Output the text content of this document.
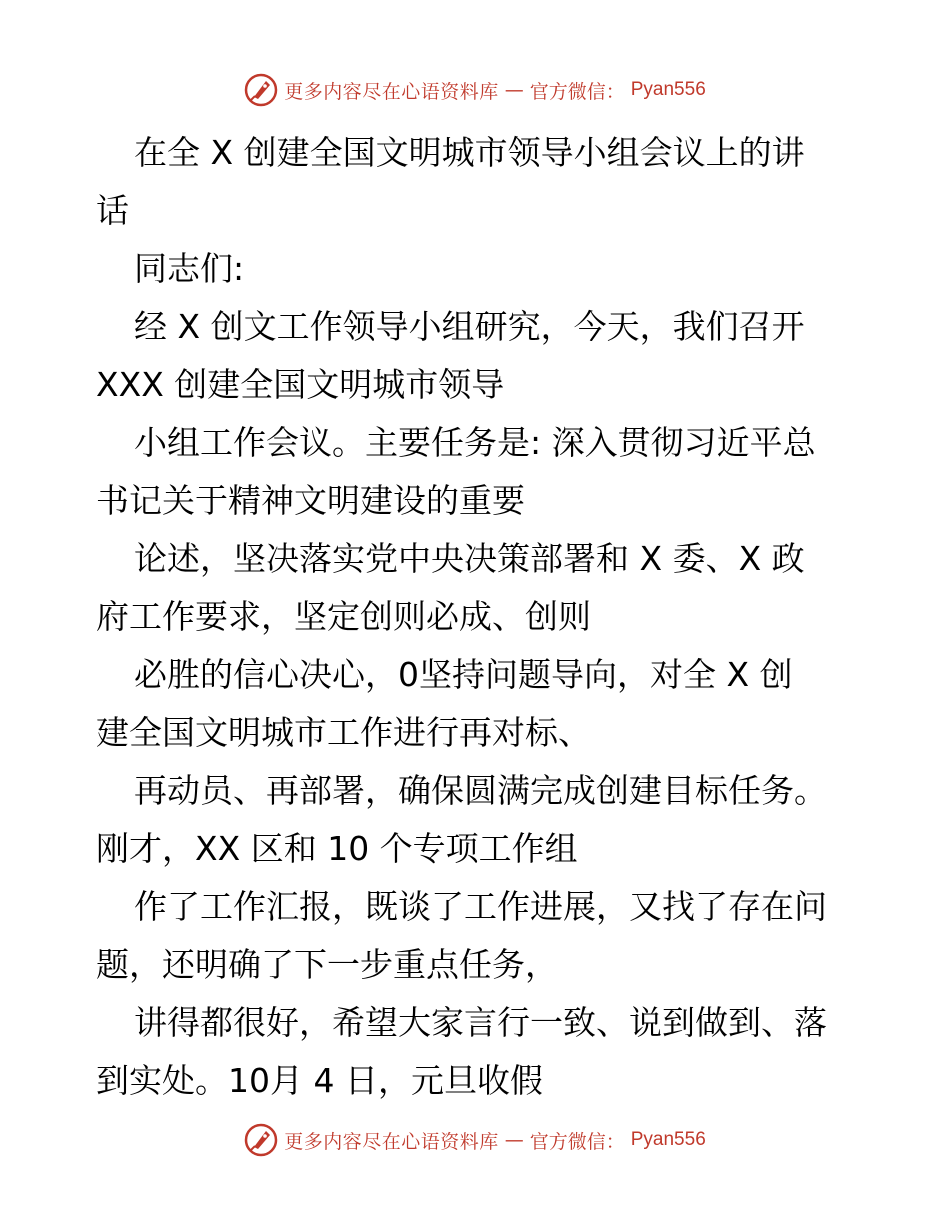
更多内容尽在心语资料库 — 官方微信： Pyan556
在全 X 创建全国文明城市领导小组会议上的讲
话
同志们:
经 X 创文工作领导小组研究，今天，我们召开
XXX 创建全国文明城市领导
小组工作会议。主要任务是: 深入贯彻习近平总
书记关于精神文明建设的重要
论述，坚决落实党中央决策部署和 X 委、X 政
府工作要求，坚定创则必成、创则
必胜的信心决心，0坚持问题导向，对全 X 创
建全国文明城市工作进行再对标、
再动员、再部署，确保圆满完成创建目标任务。
刚才，XX 区和 10 个专项工作组
作了工作汇报，既谈了工作进展，又找了存在问
题，还明确了下一步重点任务，
讲得都很好，希望大家言行一致、说到做到、落
到实处。10月 4 日，元旦收假
更多内容尽在心语资料库 — 官方微信： Pyan556
